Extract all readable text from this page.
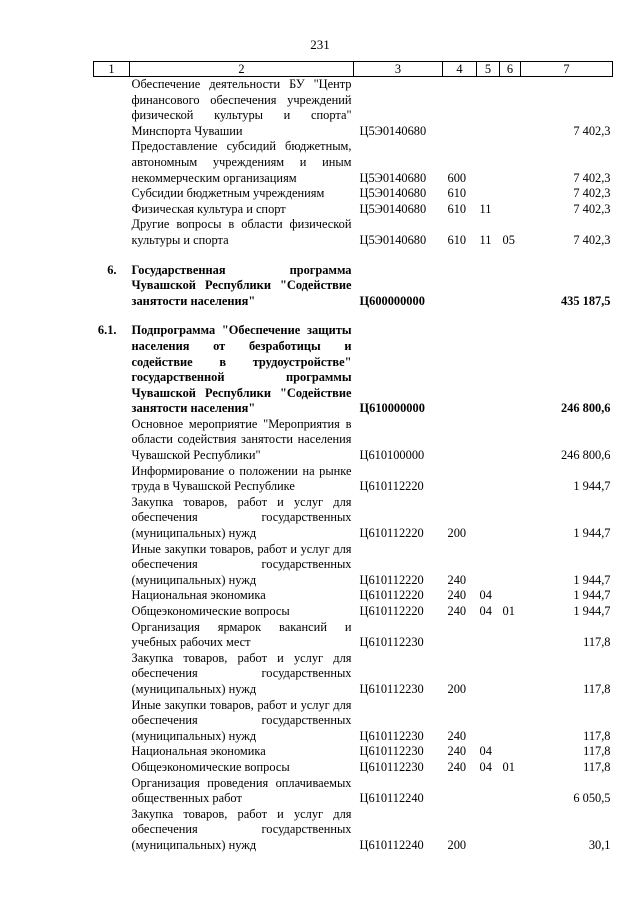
231
1	2	3	4	5	6	7
	Обеспечение деятельности БУ "Центр финансового обеспечения учреждений физической культуры и спорта" Минспорта Чувашии	Ц5Э0140680				7 402,3
	Предоставление субсидий бюджетным, автономным учреждениям и иным некоммерческим организациям	Ц5Э0140680	600			7 402,3
	Субсидии бюджетным учреждениям	Ц5Э0140680	610			7 402,3
	Физическая культура и спорт	Ц5Э0140680	610	11		7 402,3
	Другие вопросы в области физической культуры и спорта	Ц5Э0140680	610	11	05	7 402,3
6.	Государственная программа Чувашской Республики "Содействие занятости населения"	Ц600000000				435 187,5
6.1.	Подпрограмма "Обеспечение защиты населения от безработицы и содействие в трудоустройстве" государственной программы Чувашской Республики "Содействие занятости населения"	Ц610000000				246 800,6
	Основное мероприятие "Мероприятия в области содействия занятости населения Чувашской Республики"	Ц610100000				246 800,6
	Информирование о положении на рынке труда в Чувашской Республике	Ц610112220				1 944,7
	Закупка товаров, работ и услуг для обеспечения государственных (муниципальных) нужд	Ц610112220	200			1 944,7
	Иные закупки товаров, работ и услуг для обеспечения государственных (муниципальных) нужд	Ц610112220	240			1 944,7
	Национальная экономика	Ц610112220	240	04		1 944,7
	Общеэкономические вопросы	Ц610112220	240	04	01	1 944,7
	Организация ярмарок вакансий и учебных рабочих мест	Ц610112230				117,8
	Закупка товаров, работ и услуг для обеспечения государственных (муниципальных) нужд	Ц610112230	200			117,8
	Иные закупки товаров, работ и услуг для обеспечения государственных (муниципальных) нужд	Ц610112230	240			117,8
	Национальная экономика	Ц610112230	240	04		117,8
	Общеэкономические вопросы	Ц610112230	240	04	01	117,8
	Организация проведения оплачиваемых общественных работ	Ц610112240				6 050,5
	Закупка товаров, работ и услуг для обеспечения государственных (муниципальных) нужд	Ц610112240	200			30,1
